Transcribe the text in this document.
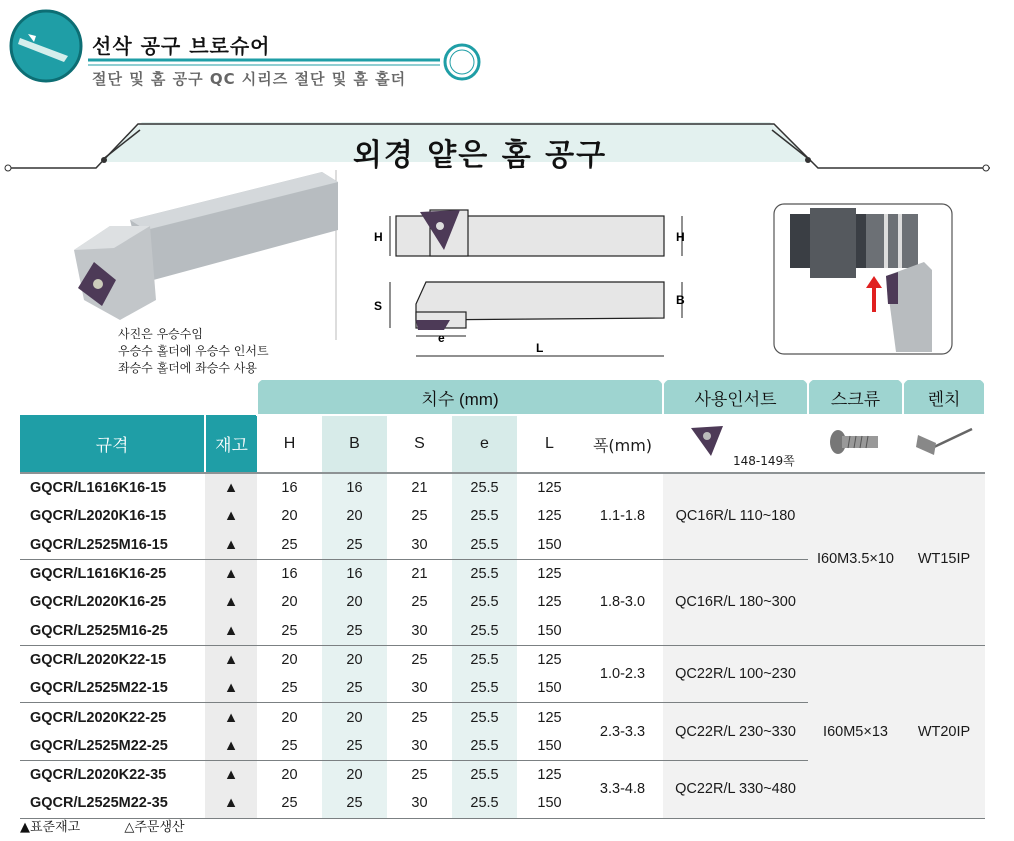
선삭 공구 브로슈어
절단 및 홈 공구 QC 시리즈 절단 및 홈 홀더
외경 얕은 홈 공구
사진은 우승수임
우승수 홀더에 우승수 인서트
좌승수 홀더에 좌승수 사용
H	H
S	B
e
L
		치수 (mm)						사용인서트	스크류	렌치
규격	재고	H	B	S	e	L	폭(mm)	148-149쪽

GQCR/L1616K16-15	▲	16	16	21	25.5	125	1.1-1.8	QC16R/L 110~180	I60M3.5×10	WT15IP
GQCR/L2020K16-15	▲	20	20	25	25.5	125				
GQCR/L2525M16-15	▲	25	25	30	25.5	150				
GQCR/L1616K16-25	▲	16	16	21	25.5	125	1.8-3.0	QC16R/L 180~300		
GQCR/L2020K16-25	▲	20	20	25	25.5	125				
GQCR/L2525M16-25	▲	25	25	30	25.5	150				
GQCR/L2020K22-15	▲	20	20	25	25.5	125	1.0-2.3	QC22R/L 100~230	I60M5×13	WT20IP
GQCR/L2525M22-15	▲	25	25	30	25.5	150				
GQCR/L2020K22-25	▲	20	20	25	25.5	125	2.3-3.3	QC22R/L 230~330		
GQCR/L2525M22-25	▲	25	25	30	25.5	150				
GQCR/L2020K22-35	▲	20	20	25	25.5	125	3.3-4.8	QC22R/L 330~480		
GQCR/L2525M22-35	▲	25	25	30	25.5	150				
▲표준재고	△주문생산
